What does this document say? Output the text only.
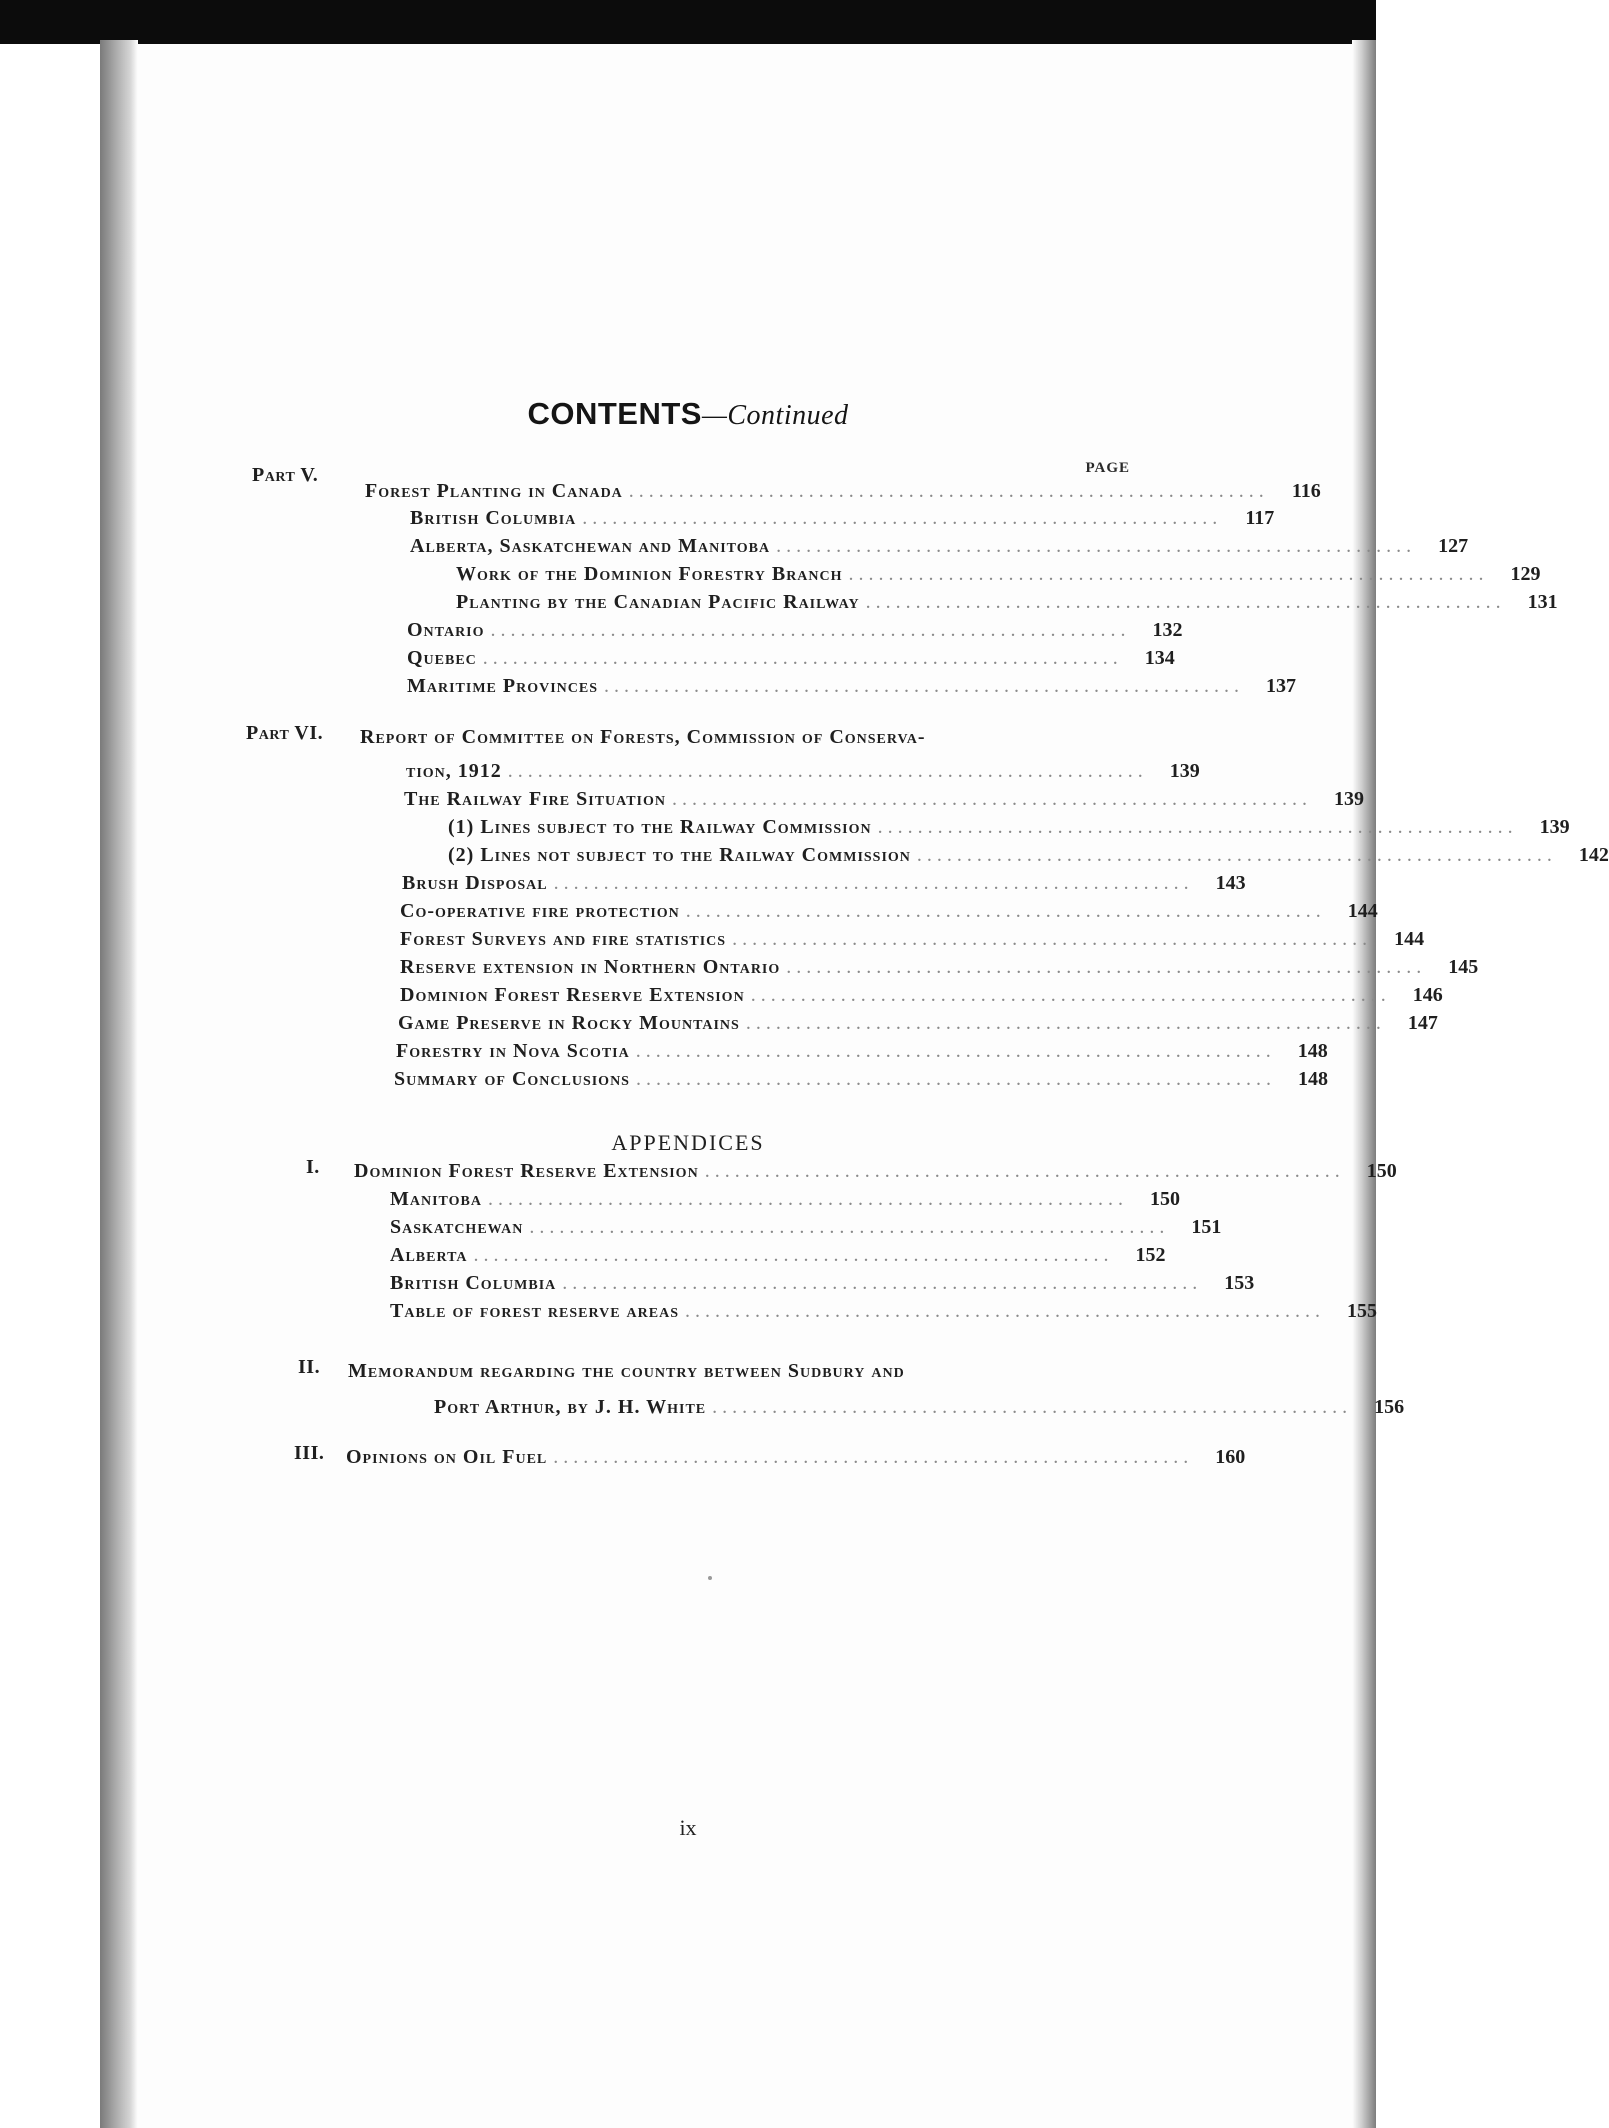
CONTENTS—Continued
PAGE
Part V.
Forest Planting in Canada ................................................................	116
British Columbia ................................................................	117
Alberta, Saskatchewan and Manitoba ................................................................	127
Work of the Dominion Forestry Branch ................................................................	129
Planting by the Canadian Pacific Railway ................................................................	131
Ontario ................................................................	132
Quebec ................................................................	134
Maritime Provinces ................................................................	137
Part VI. Report of Committee on Forests, Commission of Conserva-
tion, 1912 ................................................................	139
The Railway Fire Situation ................................................................	139
(1) Lines subject to the Railway Commission ................................................................	139
(2) Lines not subject to the Railway Commission ................................................................	142
Brush Disposal ................................................................	143
Co-operative fire protection ................................................................	144
Forest Surveys and fire statistics ................................................................	144
Reserve extension in Northern Ontario ................................................................	145
Dominion Forest Reserve Extension ................................................................	146
Game Preserve in Rocky Mountains ................................................................	147
Forestry in Nova Scotia ................................................................	148
Summary of Conclusions ................................................................	148
APPENDICES
I. Dominion Forest Reserve Extension ................................................................	150
Manitoba ................................................................	150
Saskatchewan ................................................................	151
Alberta ................................................................	152
British Columbia ................................................................	153
Table of forest reserve areas ................................................................	155
II. Memorandum regarding the country between Sudbury and
Port Arthur, by J. H. White ................................................................	156
III. Opinions on Oil Fuel ................................................................	160
ix
